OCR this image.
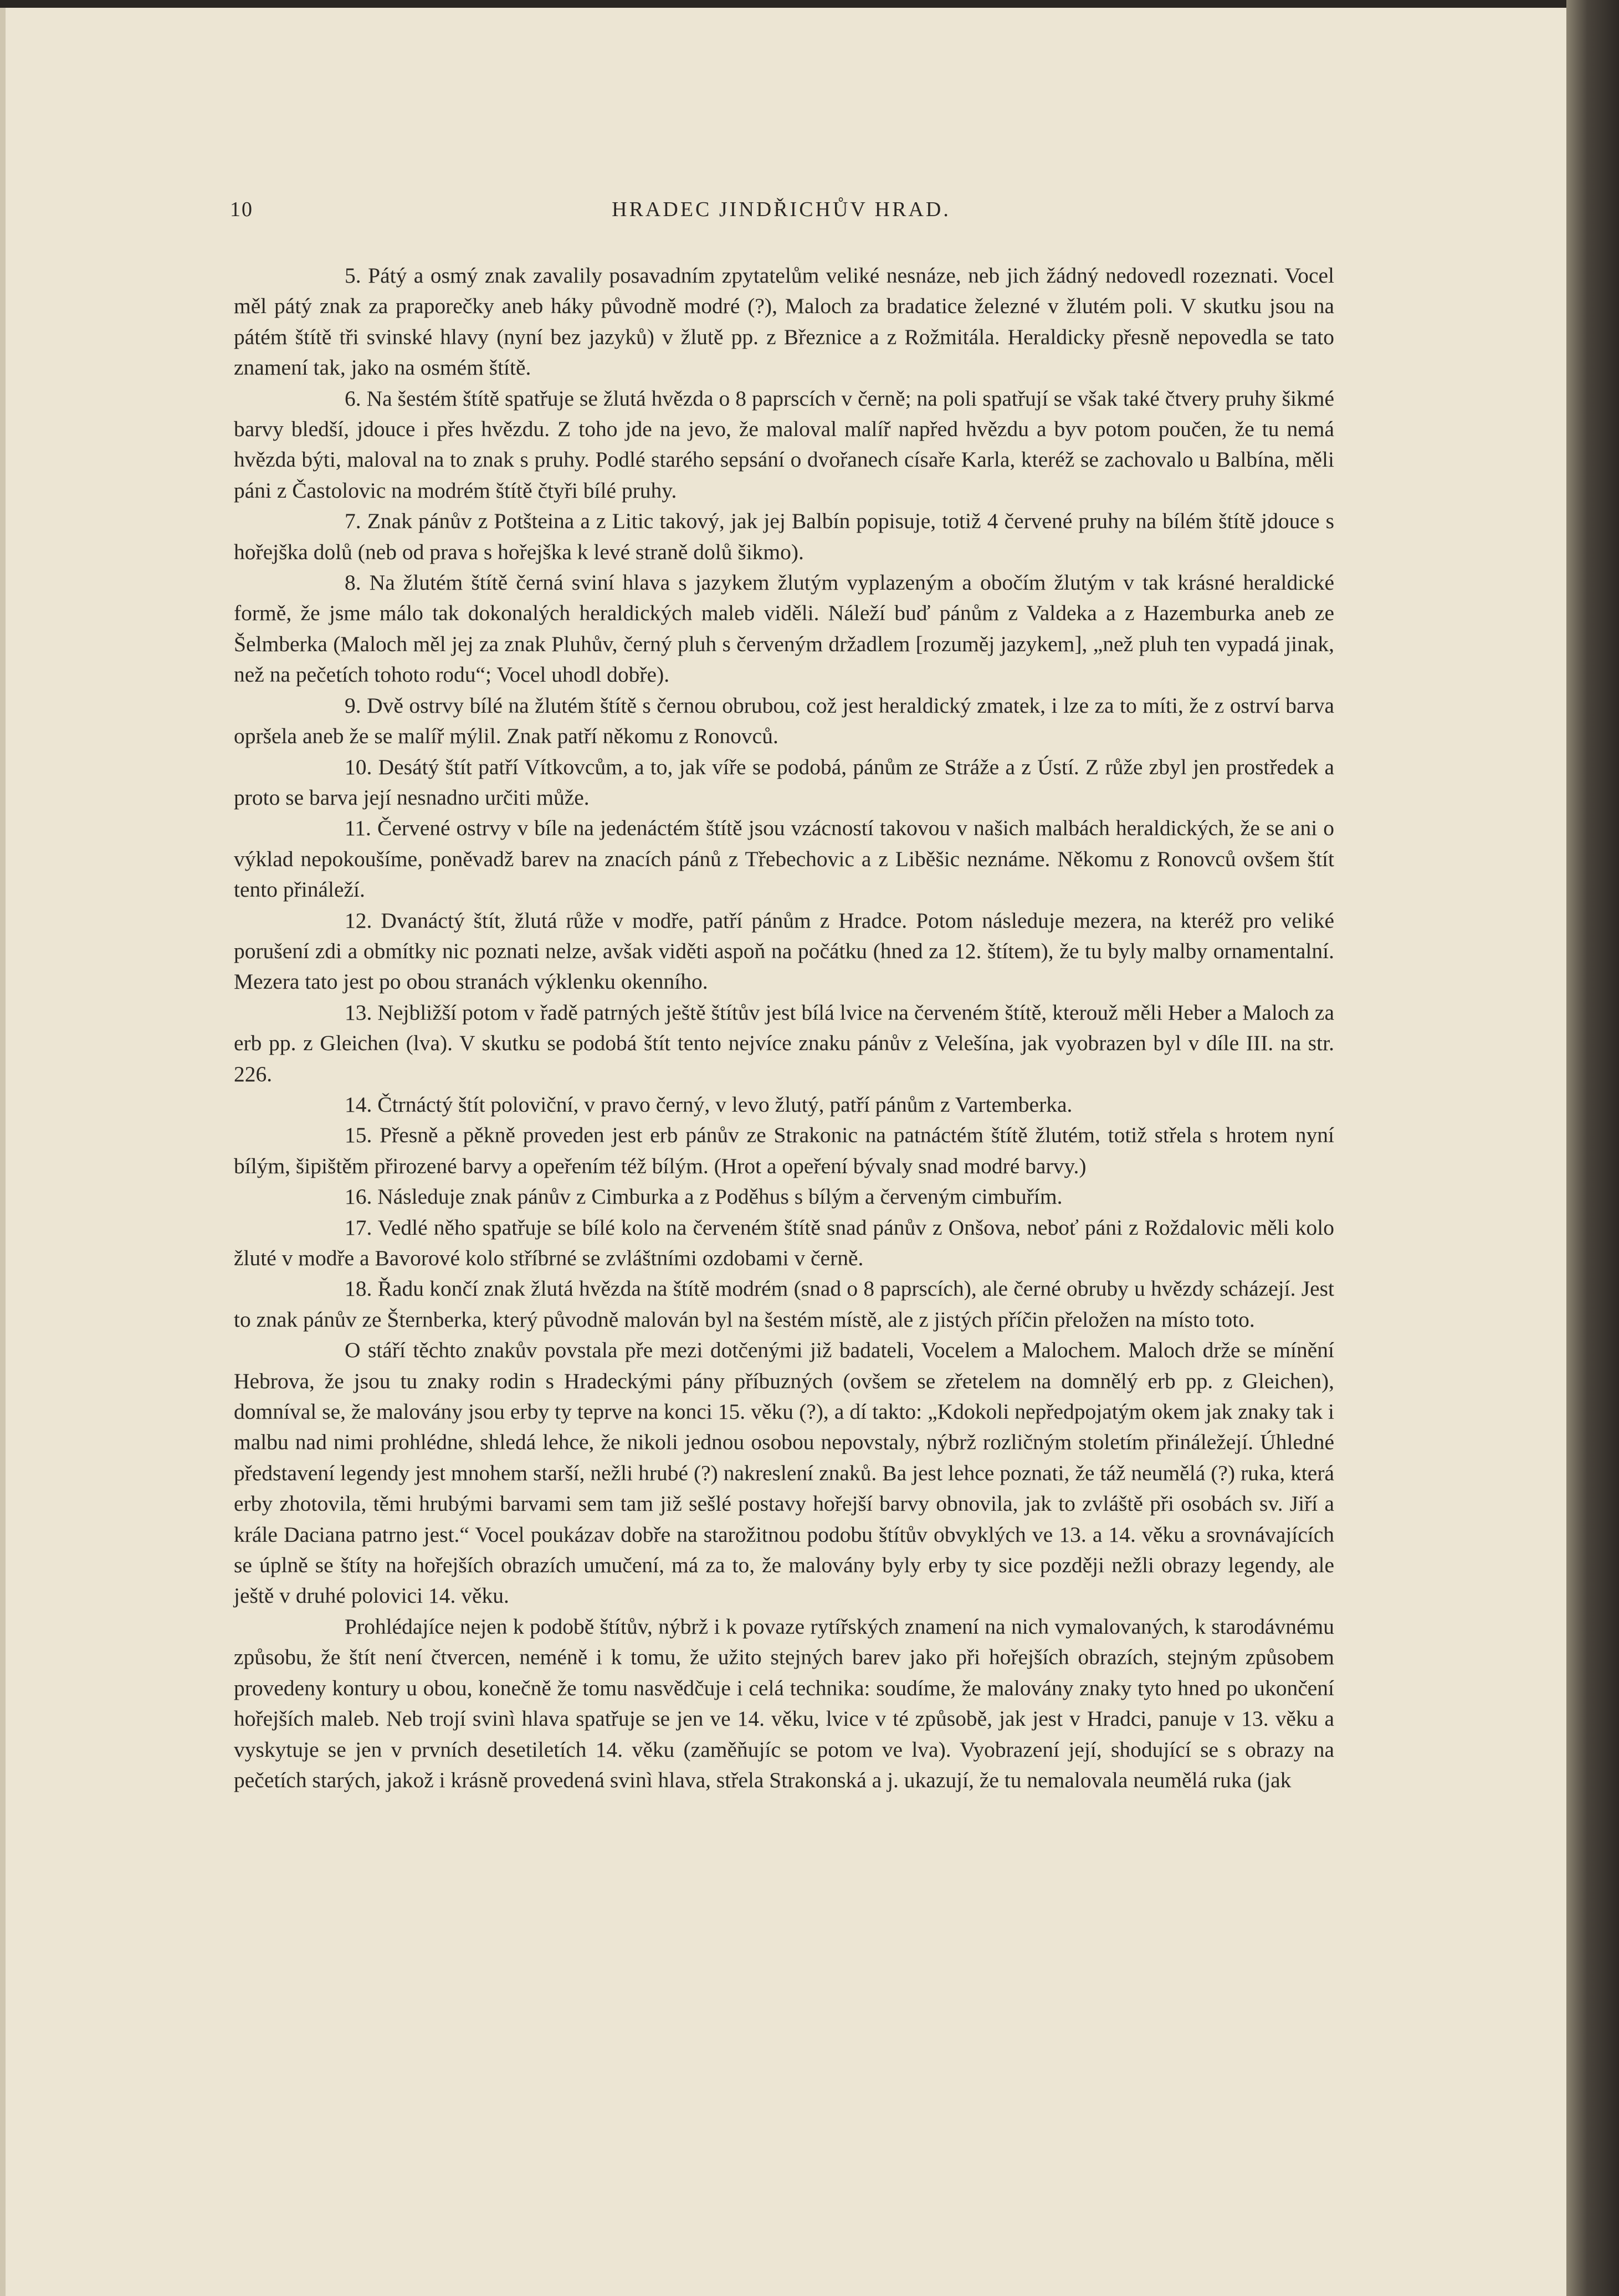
10	HRADEC JINDŘICHŮV HRAD.

5. Pátý a osmý znak zavalily posavadním zpytatelům veliké nesnáze, neb jich žádný nedovedl rozeznati. Vocel měl pátý znak za praporečky aneb háky původně modré (?), Maloch za bradatice železné v žlutém poli. V skutku jsou na pátém štítě tři svinské hlavy (nyní bez jazyků) v žlutě pp. z Březnice a z Rožmitála. Heraldicky přesně nepovedla se tato znamení tak, jako na osmém štítě.

6. Na šestém štítě spatřuje se žlutá hvězda o 8 paprscích v černě; na poli spatřují se však také čtvery pruhy šikmé barvy bledší, jdouce i přes hvězdu. Z toho jde na jevo, že maloval malíř napřed hvězdu a byv potom poučen, že tu nemá hvězda býti, maloval na to znak s pruhy. Podlé starého sepsání o dvořanech císaře Karla, kteréž se zachovalo u Balbína, měli páni z Častolovic na modrém štítě čtyři bílé pruhy.

7. Znak pánův z Potšteina a z Litic takový, jak jej Balbín popisuje, totiž 4 červené pruhy na bílém štítě jdouce s hořejška dolů (neb od prava s hořejška k levé straně dolů šikmo).

8. Na žlutém štítě černá sviní hlava s jazykem žlutým vyplazeným a obočím žlutým v tak krásné heraldické formě, že jsme málo tak dokonalých heraldických maleb viděli. Náleží buď pánům z Valdeka a z Hazemburka aneb ze Šelmberka (Maloch měl jej za znak Pluhův, černý pluh s červeným držadlem [rozuměj jazykem], „než pluh ten vypadá jinak, než na pečetích tohoto rodu“; Vocel uhodl dobře).

9. Dvě ostrvy bílé na žlutém štítě s černou obrubou, což jest heraldický zmatek, i lze za to míti, že z ostrví barva opršela aneb že se malíř mýlil. Znak patří někomu z Ronovců.

10. Desátý štít patří Vítkovcům, a to, jak víře se podobá, pánům ze Stráže a z Ústí. Z růže zbyl jen prostředek a proto se barva její nesnadno určiti může.

11. Červené ostrvy v bíle na jedenáctém štítě jsou vzácností takovou v našich malbách heraldických, že se ani o výklad nepokoušíme, poněvadž barev na znacích pánů z Třebechovic a z Liběšic neznáme. Někomu z Ronovců ovšem štít tento přináleží.

12. Dvanáctý štít, žlutá růže v modře, patří pánům z Hradce. Potom následuje mezera, na kteréž pro veliké porušení zdi a obmítky nic poznati nelze, avšak viděti aspoň na počátku (hned za 12. štítem), že tu byly malby ornamentalní. Mezera tato jest po obou stranách výklenku okenního.

13. Nejbližší potom v řadě patrných ještě štítův jest bílá lvice na červeném štítě, kterouž měli Heber a Maloch za erb pp. z Gleichen (lva). V skutku se podobá štít tento nejvíce znaku pánův z Velešína, jak vyobrazen byl v díle III. na str. 226.

14. Čtrnáctý štít poloviční, v pravo černý, v levo žlutý, patří pánům z Vartemberka.

15. Přesně a pěkně proveden jest erb pánův ze Strakonic na patnáctém štítě žlutém, totiž střela s hrotem nyní bílým, šipištěm přirozené barvy a opeřením též bílým. (Hrot a opeření bývaly snad modré barvy.)

16. Následuje znak pánův z Cimburka a z Poděhus s bílým a červeným cimbuřím.

17. Vedlé něho spatřuje se bílé kolo na červeném štítě snad pánův z Onšova, neboť páni z Roždalovic měli kolo žluté v modře a Bavorové kolo stříbrné se zvláštními ozdobami v černě.

18. Řadu končí znak žlutá hvězda na štítě modrém (snad o 8 paprscích), ale černé obruby u hvězdy scházejí. Jest to znak pánův ze Šternberka, který původně malován byl na šestém místě, ale z jistých příčin přeložen na místo toto.

O stáří těchto znakův povstala pře mezi dotčenými již badateli, Vocelem a Malochem. Maloch drže se mínění Hebrova, že jsou tu znaky rodin s Hradeckými pány příbuzných (ovšem se zřetelem na domnělý erb pp. z Gleichen), domníval se, že malovány jsou erby ty teprve na konci 15. věku (?), a dí takto: „Kdokoli nepředpojatým okem jak znaky tak i malbu nad nimi prohlédne, shledá lehce, že nikoli jednou osobou nepovstaly, nýbrž rozličným stoletím přináležejí. Úhledné představení legendy jest mnohem starší, nežli hrubé (?) nakreslení znaků. Ba jest lehce poznati, že táž neumělá (?) ruka, která erby zhotovila, těmi hrubými barvami sem tam již sešlé postavy hořejší barvy obnovila, jak to zvláště při osobách sv. Jiří a krále Daciana patrno jest.“ Vocel poukázav dobře na starožitnou podobu štítův obvyklých ve 13. a 14. věku a srovnávajících se úplně se štíty na hořejších obrazích umučení, má za to, že malovány byly erby ty sice později nežli obrazy legendy, ale ještě v druhé polovici 14. věku.

Prohlédajíce nejen k podobě štítův, nýbrž i k povaze rytířských znamení na nich vymalovaných, k starodávnému způsobu, že štít není čtvercen, neméně i k tomu, že užito stejných barev jako při hořejších obrazích, stejným způsobem provedeny kontury u obou, konečně že tomu nasvědčuje i celá technika: soudíme, že malovány znaky tyto hned po ukončení hořejších maleb. Neb trojí svinì hlava spatřuje se jen ve 14. věku, lvice v té způsobě, jak jest v Hradci, panuje v 13. věku a vyskytuje se jen v prvních desetiletích 14. věku (zaměňujíc se potom ve lva). Vyobrazení její, shodující se s obrazy na pečetích starých, jakož i krásně provedená svinì hlava, střela Strakonská a j. ukazují, že tu nemalovala neumělá ruka (jak
